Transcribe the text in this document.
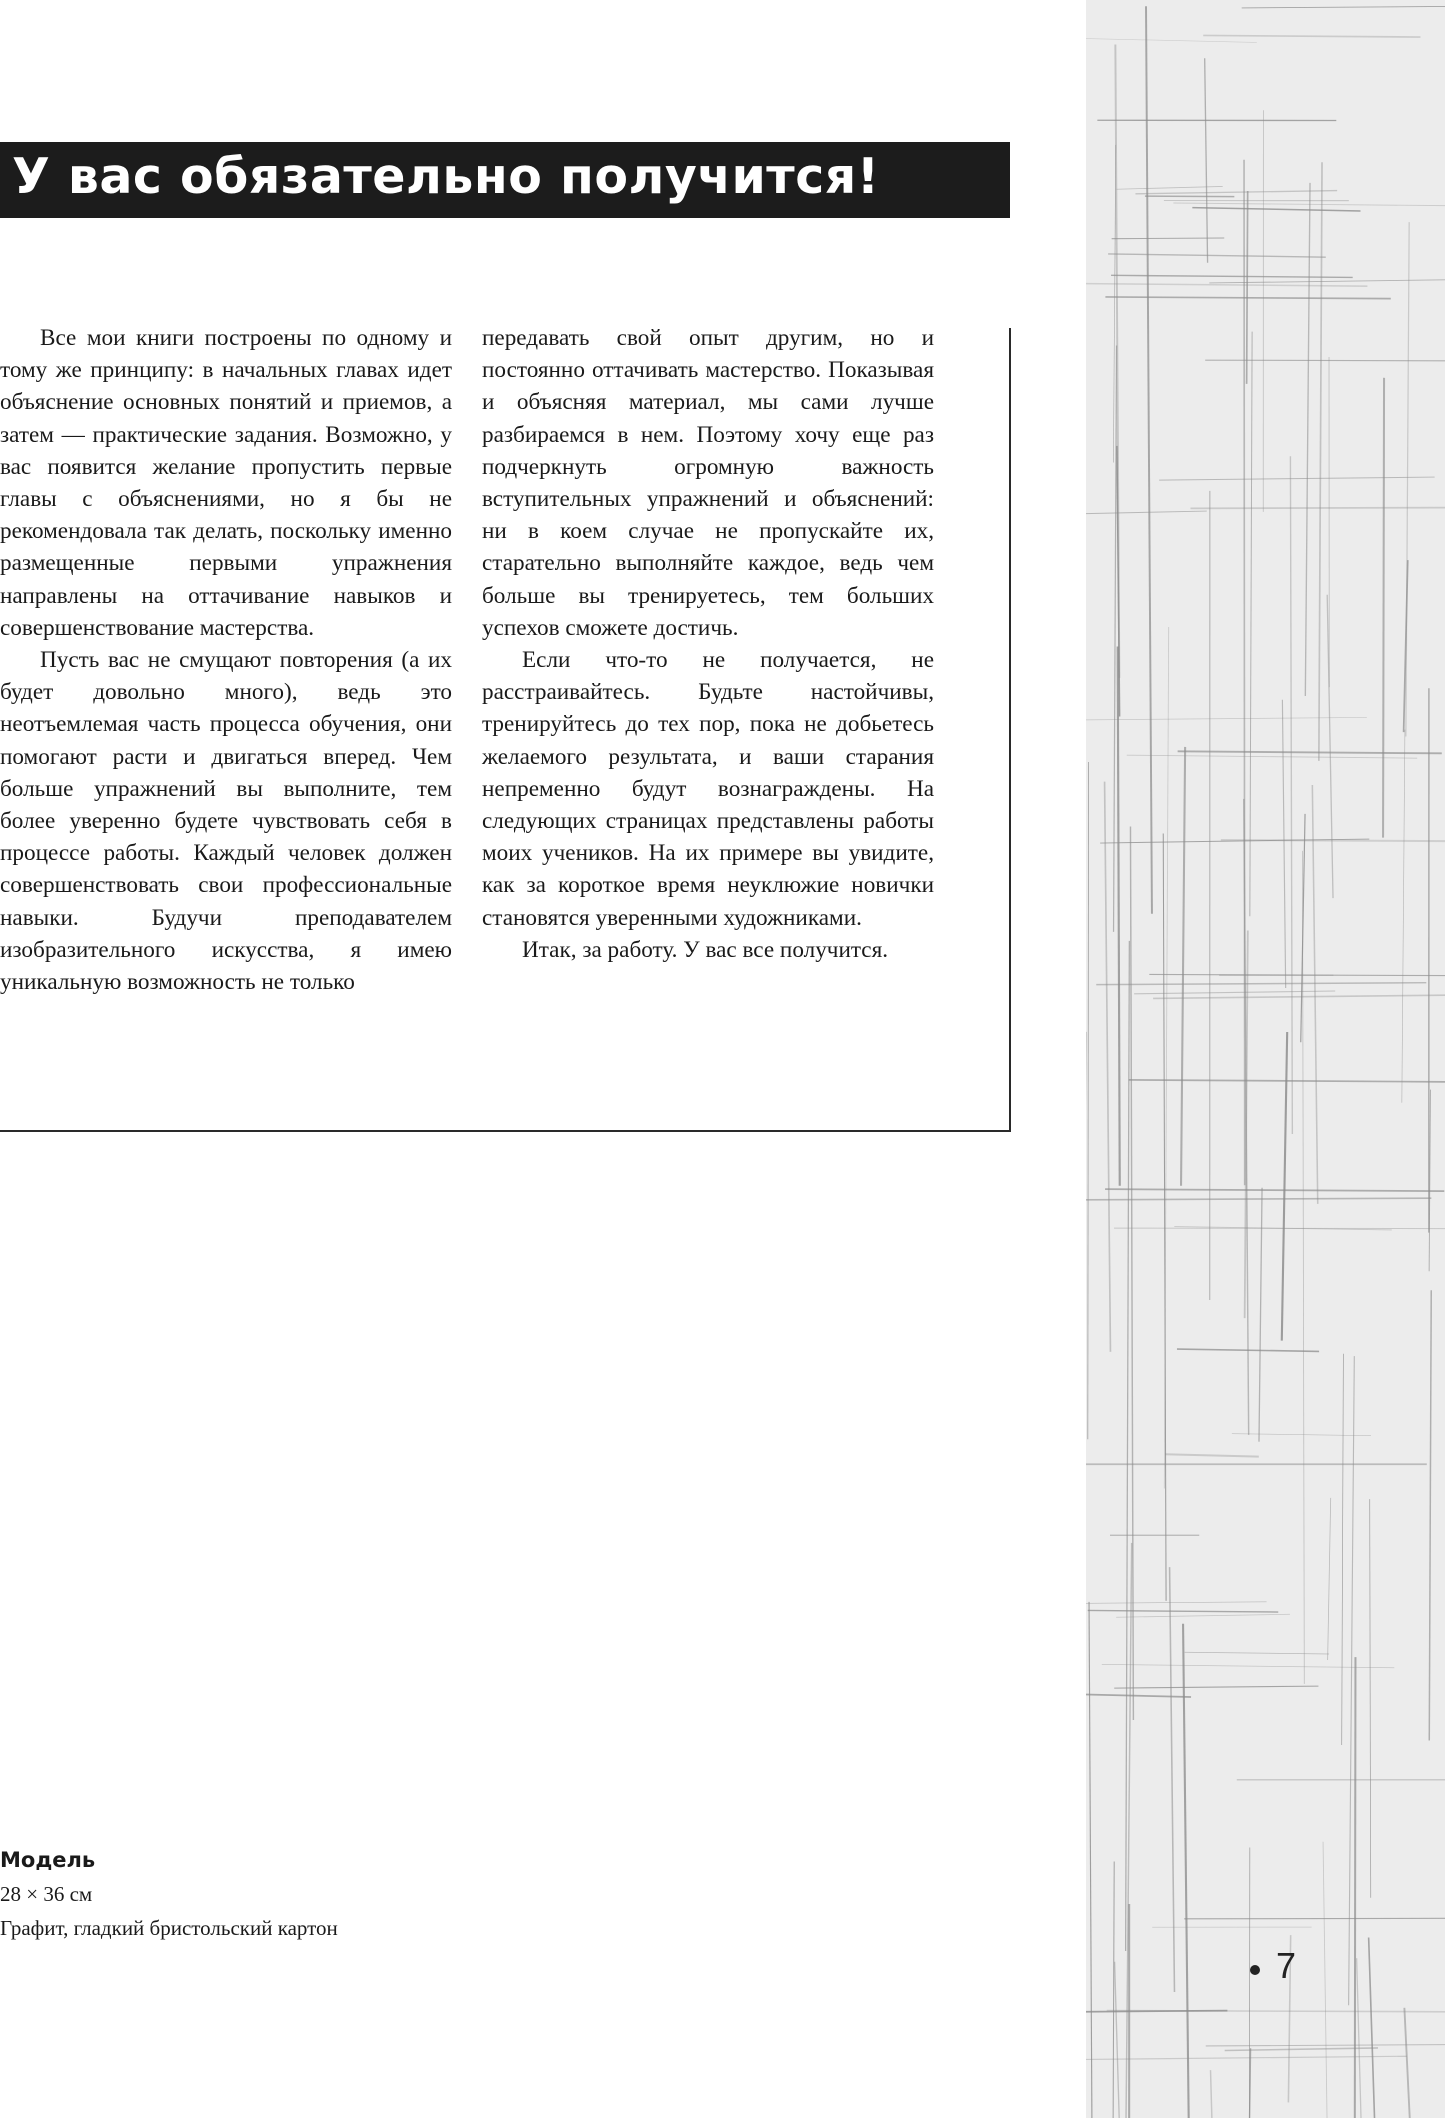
У вас обязательно получится!

Все мои книги построены по одному и тому же принципу: в начальных главах идет объяснение основных понятий и приемов, а затем — практические задания. Возможно, у вас появится желание пропустить первые главы с объяснениями, но я бы не рекомендовала так делать, поскольку именно размещенные первыми упражнения направлены на оттачивание навыков и совершенствование мастерства.

Пусть вас не смущают повторения (а их будет довольно много), ведь это неотъемлемая часть процесса обучения, они помогают расти и двигаться вперед. Чем больше упражнений вы выполните, тем более уверенно будете чувствовать себя в процессе работы. Каждый человек должен совершенствовать свои профессиональные навыки. Будучи преподавателем изобразительного искусства, я имею уникальную возможность не только

передавать свой опыт другим, но и постоянно оттачивать мастерство. Показывая и объясняя материал, мы сами лучше разбираемся в нем. Поэтому хочу еще раз подчеркнуть огромную важность вступительных упражнений и объяснений: ни в коем случае не пропускайте их, старательно выполняйте каждое, ведь чем больше вы тренируетесь, тем больших успехов сможете достичь.

Если что-то не получается, не расстраивайтесь. Будьте настойчивы, тренируйтесь до тех пор, пока не добьетесь желаемого результата, и ваши старания непременно будут вознаграждены. На следующих страницах представлены работы моих учеников. На их примере вы увидите, как за короткое время неуклюжие новички становятся уверенными художниками.

Итак, за работу. У вас все получится.

Модель
28 × 36 см
Графит, гладкий бристольский картон
7
